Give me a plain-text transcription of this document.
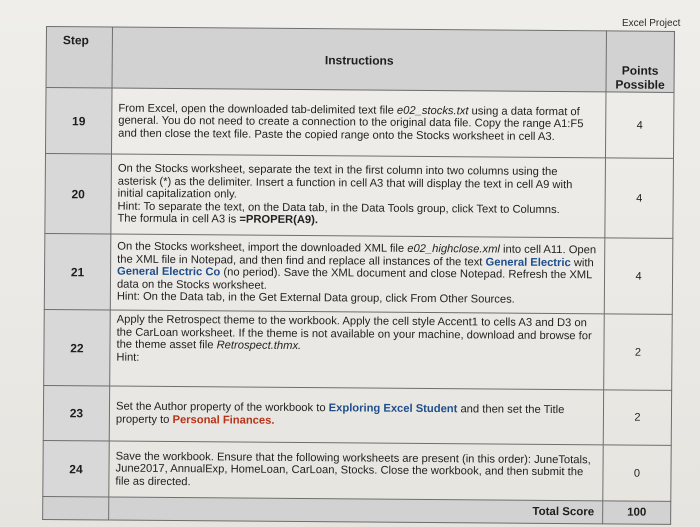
Excel Project
Step	Instructions	Points
Possible
19	From Excel, open the downloaded tab-delimited text file e02_stocks.txt using a data format of general. You do not need to create a connection to the original data file. Copy the range A1:F5 and then close the text file. Paste the copied range onto the Stocks worksheet in cell A3.	4
20	On the Stocks worksheet, separate the text in the first column into two columns using the asterisk (*) as the delimiter. Insert a function in cell A3 that will display the text in cell A9 with initial capitalization only.
Hint: To separate the text, on the Data tab, in the Data Tools group, click Text to Columns.
The formula in cell A3 is =PROPER(A9).	4
21	On the Stocks worksheet, import the downloaded XML file e02_highclose.xml into cell A11. Open the XML file in Notepad, and then find and replace all instances of the text General Electric with General Electric Co (no period). Save the XML document and close Notepad. Refresh the XML data on the Stocks worksheet.
Hint: On the Data tab, in the Get External Data group, click From Other Sources.	4
22	Apply the Retrospect theme to the workbook. Apply the cell style Accent1 to cells A3 and D3 on the CarLoan worksheet. If the theme is not available on your machine, download and browse for the theme asset file Retrospect.thmx.
Hint:	2
23	Set the Author property of the workbook to Exploring Excel Student and then set the Title property to Personal Finances.	2
24	Save the workbook. Ensure that the following worksheets are present (in this order): JuneTotals, June2017, AnnualExp, HomeLoan, CarLoan, Stocks. Close the workbook, and then submit the file as directed.	0
	Total Score	100
